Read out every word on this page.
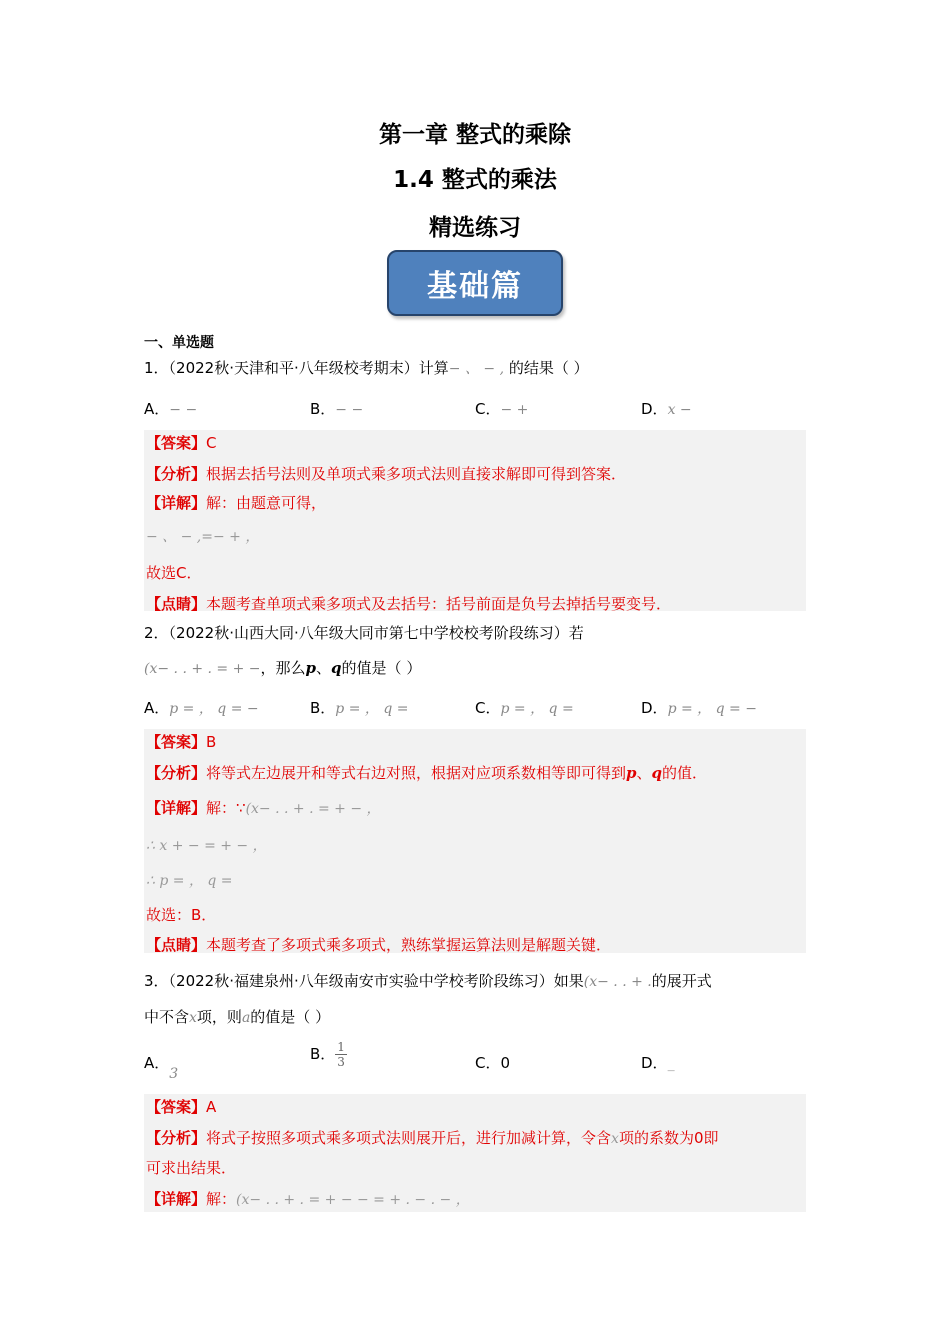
第一章 整式的乘除
1.4 整式的乘法
精选练习
基础篇
一、单选题
1．（2022秋·天津和平·八年级校考期末）计算− 、 − , 的结果（ ）
A．− −	B．− −	C．− +	D．x −
【答案】C
【分析】根据去括号法则及单项式乘多项式法则直接求解即可得到答案．
【详解】解：由题意可得，
− 、 − ,=− + ，
故选C．
【点睛】本题考查单项式乘多项式及去括号：括号前面是负号去掉括号要变号．
2．（2022秋·山西大同·八年级大同市第七中学校校考阶段练习）若
(x− . . + . = + −，那么p、q的值是（ ）
A．p = ， q = −	B．p = ， q =	C．p = ， q =	D．p = ， q = −
【答案】B
【分析】将等式左边展开和等式右边对照，根据对应项系数相等即可得到p、q的值．
【详解】解：∵(x− . . + . = + − ，
∴ x + − = + − ，
∴ p = ， q =
故选：B．
【点睛】本题考查了多项式乘多项式，熟练掌握运算法则是解题关键．
3．（2022秋·福建泉州·八年级南安市实验中学校考阶段练习）如果(x− . . + .的展开式
中不含x项，则a的值是（ ）
A．3
B． $\frac{1}{3}$	C．0	D．_
【答案】A
【分析】将式子按照多项式乘多项式法则展开后，进行加减计算，令含x项的系数为0即
可求出结果．
【详解】解：(x− . . + . = + − − = + . − . − ，
